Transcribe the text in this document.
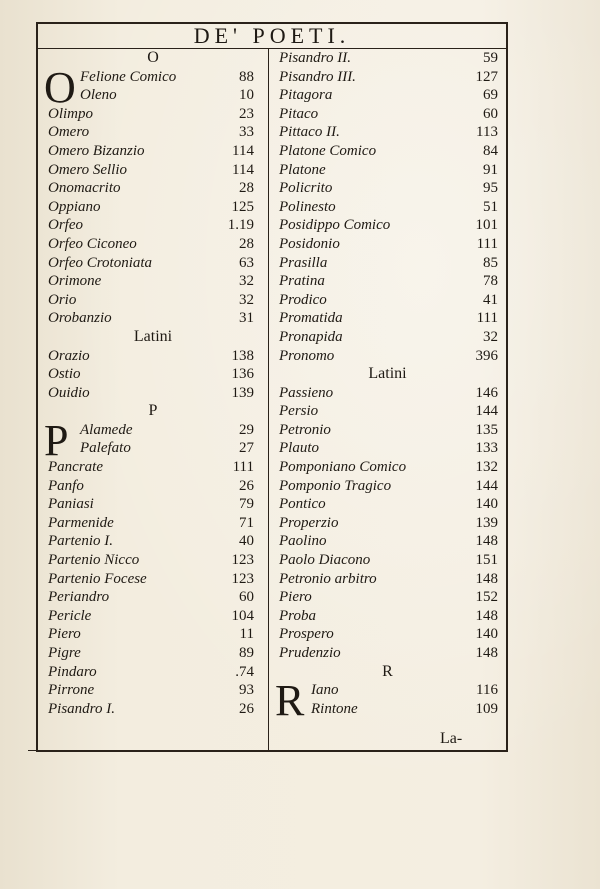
DE' POETI.
O
O Felione Comico	88
Oleno	10
Olimpo	23
Omero	33
Omero Bizanzio	114
Omero Sellio	114
Onomacrito	28
Oppiano	125
Orfeo	1.19
Orfeo Ciconeo	28
Orfeo Crotoniata	63
Orimone	32
Orio	32
Orobanzio	31
Latini
Orazio	138
Ostio	136
Ouidio	139
P
P Alamede	29
Palefato	27
Pancrate	111
Panfo	26
Paniasi	79
Parmenide	71
Partenio I.	40
Partenio Nicco	123
Partenio Focese	123
Periandro	60
Pericle	104
Piero	11
Pigre	89
Pindaro	.74
Pirrone	93
Pisandro I.	26
Pisandro II.	59
Pisandro III.	127
Pitagora	69
Pitaco	60
Pittaco II.	113
Platone Comico	84
Platone	91
Policrito	95
Polinesto	51
Posidippo Comico	101
Posidonio	111
Prasilla	85
Pratina	78
Prodico	41
Promatida	111
Pronapida	32
Pronomo	396
Latini
Passieno	146
Persio	144
Petronio	135
Plauto	133
Pomponiano Comico	132
Pomponio Tragico	144
Pontico	140
Properzio	139
Paolino	148
Paolo Diacono	151
Petronio arbitro	148
Piero	152
Proba	148
Prospero	140
Prudenzio	148
R
R Iano	116
Rintone	109
La-
